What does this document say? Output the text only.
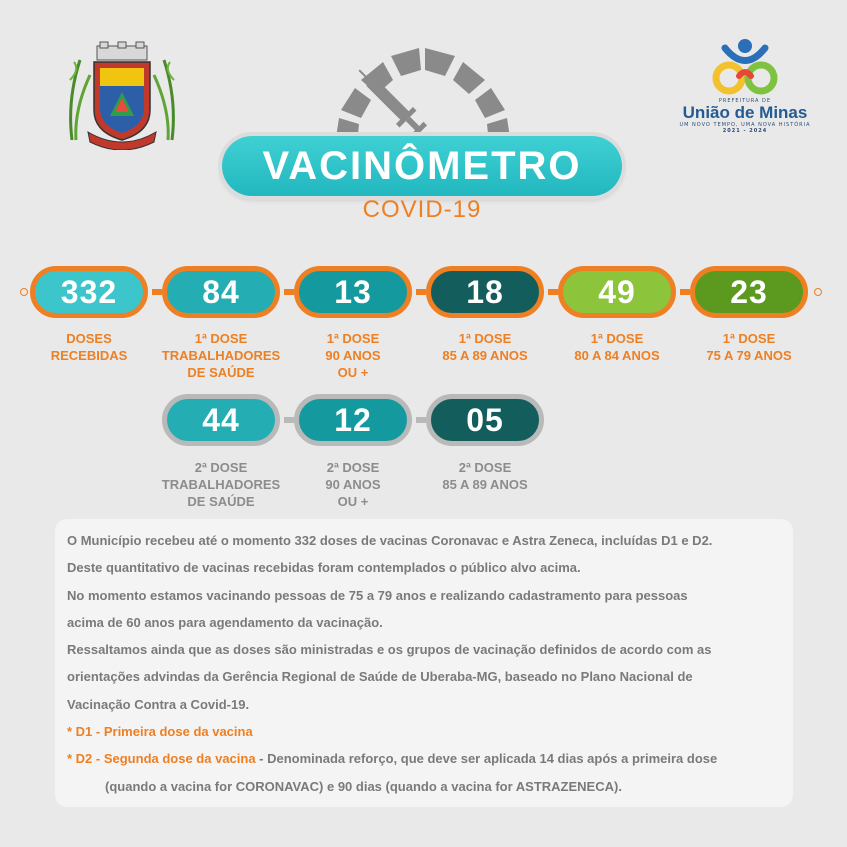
PREFEITURA DE
União de Minas
UM NOVO TEMPO, UMA NOVA HISTÓRIA
2021 - 2024
VACINÔMETRO
COVID-19
332	84	13	18	49	23
DOSES
RECEBIDAS
1ª DOSE
TRABALHADORES
DE SAÚDE
1ª DOSE
90 ANOS
OU +
1ª DOSE
85 A 89 ANOS
1ª DOSE
80 A 84 ANOS
1ª DOSE
75 A 79 ANOS
44	12	05
2ª DOSE
TRABALHADORES
DE SAÚDE
2ª DOSE
90 ANOS
OU +
2ª DOSE
85 A 89 ANOS

O Município recebeu até o momento 332 doses de vacinas Coronavac e Astra Zeneca, incluídas D1 e D2.

Deste quantitativo de vacinas recebidas foram contemplados o público alvo acima.

No momento estamos vacinando pessoas de 75 a 79 anos e realizando cadastramento para pessoas

acima de 60 anos para agendamento da vacinação.

Ressaltamos ainda que as doses são ministradas e os grupos de vacinação definidos de acordo com as

orientações advindas da Gerência Regional de Saúde de Uberaba-MG, baseado no Plano Nacional de

Vacinação Contra a Covid-19.

* D1 - Primeira dose da vacina

* D2 - Segunda dose da vacina - Denominada reforço, que deve ser aplicada 14 dias após a primeira dose

(quando a vacina for CORONAVAC) e 90 dias (quando a vacina for ASTRAZENECA).
